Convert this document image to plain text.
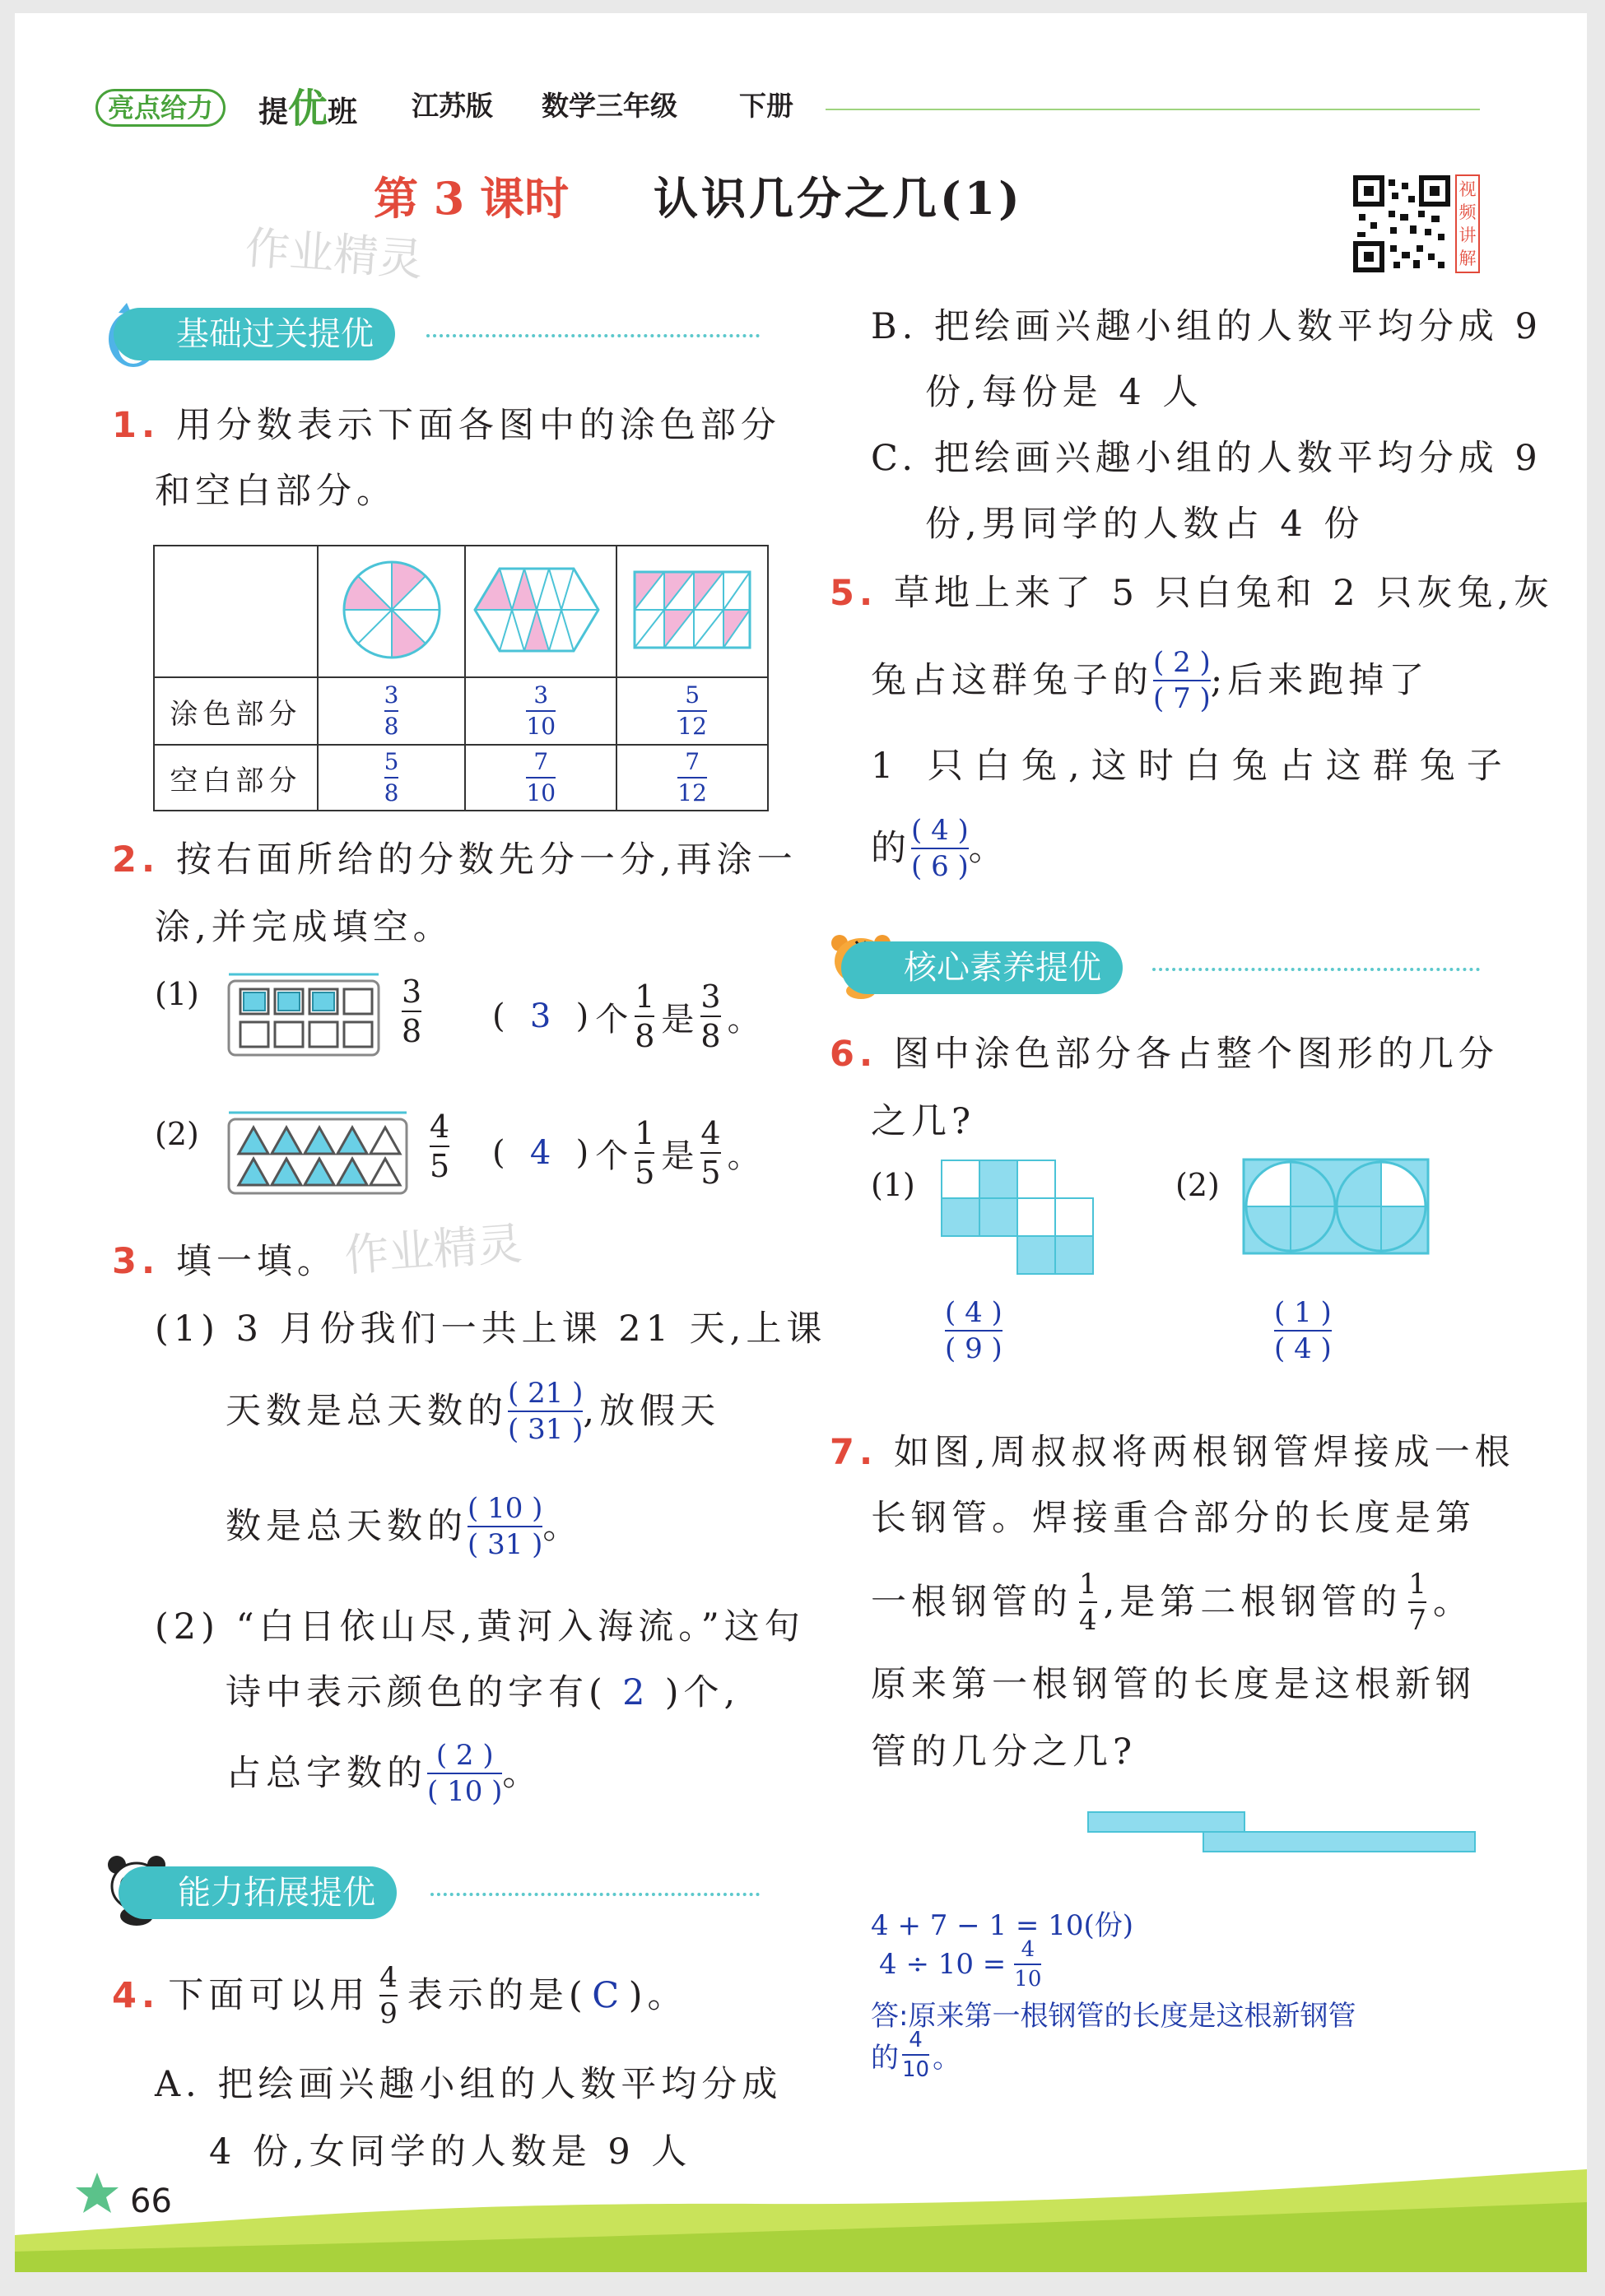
亮点给力	提优班 江苏版 数学三年级 下册
第 3 课时 认识几分之几(1)	视频讲解
作业精灵
作业精灵
基础过关提优
1. 用分数表示下面各图中的涂色部分
和空白部分。

涂色部分	$\frac{3}{8}$	$\frac{3}{10}$	$\frac{5}{12}$

空白部分	$\frac{5}{8}$	$\frac{7}{10}$	$\frac{7}{12}$
2. 按右面所给的分数先分一分,再涂一
涂,并完成填空。
(1)	3
8 ( 3 ) 个 $\frac{1}{8}$ 是 $\frac{3}{8}$ 。
(2)	4
5 ( 4 ) 个 $\frac{1}{5}$ 是 $\frac{4}{5}$ 。
3. 填一填。
(1) 3 月份我们一共上课 21 天,上课
天数是总天数的 $\frac{( 21 )}{( 31 )}$ ,放假天
数是总天数的 $\frac{( 10 )}{( 31 )}$ 。
(2) “白日依山尽,黄河入海流。”这句
诗中表示颜色的字有( 2 )个,
占总字数的 $\frac{( 2 )}{( 10 )}$ 。
能力拓展提优
4. 下面可以用 $\frac{4}{9}$ 表示的是( C )。
A. 把绘画兴趣小组的人数平均分成
4 份,女同学的人数是 9 人
B. 把绘画兴趣小组的人数平均分成 9
份,每份是 4 人
C. 把绘画兴趣小组的人数平均分成 9
份,男同学的人数占 4 份
5. 草地上来了 5 只白兔和 2 只灰兔,灰
兔占这群兔子的 $\frac{( 2 )}{( 7 )}$ ;后来跑掉了
1 只白兔,这时白兔占这群兔子
的 $\frac{( 4 )}{( 6 )}$ 。
核心素养提优
6. 图中涂色部分各占整个图形的几分
之几?
(1)
( 4 )
( 9 )
(2)
( 1 )
( 4 )
7. 如图,周叔叔将两根钢管焊接成一根
长钢管。焊接重合部分的长度是第
一根钢管的 $\frac{1}{4}$ ,是第二根钢管的 $\frac{1}{7}$ 。
原来第一根钢管的长度是这根新钢
管的几分之几?
4 + 7 − 1 = 10(份)
$4 \div 10 = \frac{4}{10}$
答:原来第一根钢管的长度是这根新钢管
的 $\frac{4}{10}$ 。
66
